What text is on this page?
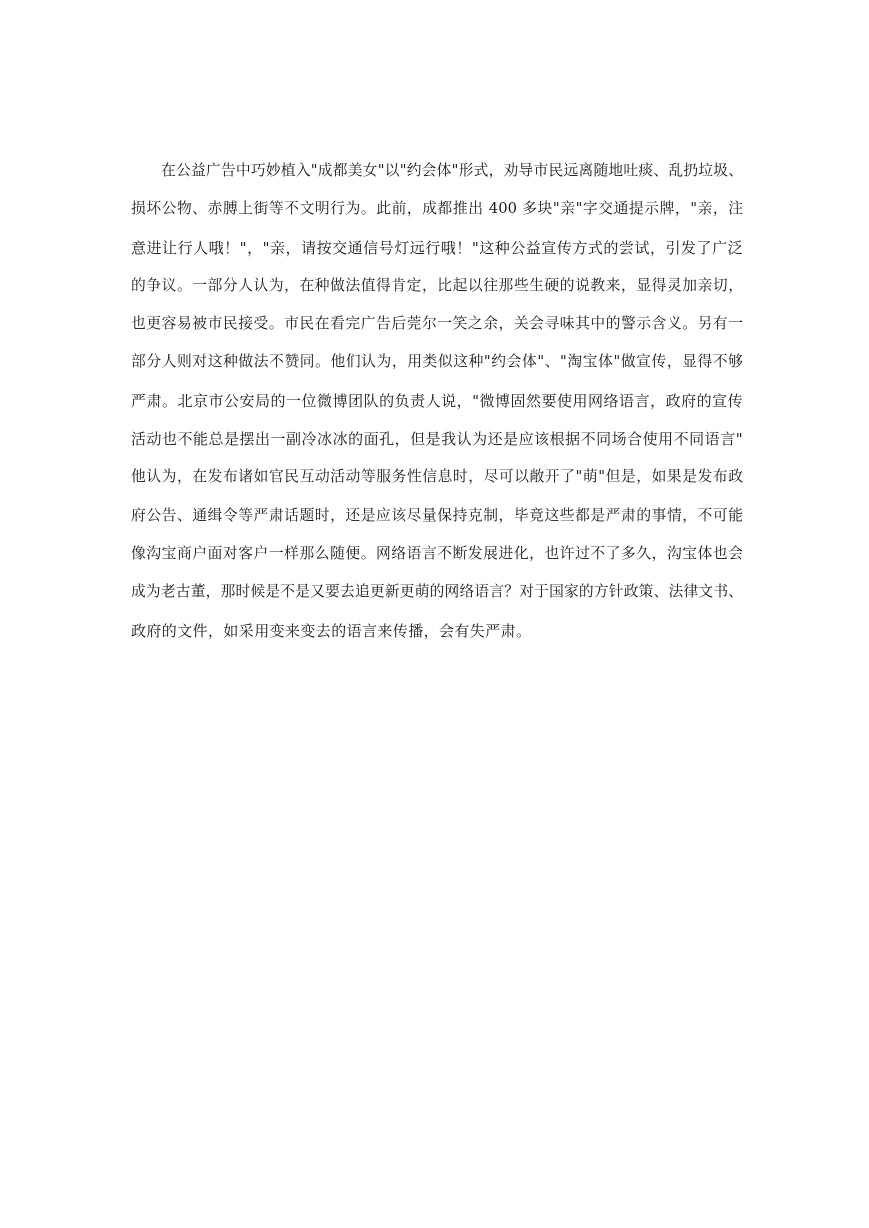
在公益广告中巧妙植入"成都美女"以"约会体"形式，劝导市民远离随地吐痰、乱扔垃圾、
损坏公物、赤膊上街等不文明行为。此前，成都推出 400 多块"亲"字交通提示牌，"亲，注
意进让行人哦！"，"亲，请按交通信号灯远行哦！"这种公益宣传方式的尝试，引发了广泛
的争议。一部分人认为，在种做法值得肯定，比起以往那些生硬的说教来，显得灵加亲切，
也更容易被市民接受。市民在看完广告后莞尔一笑之余，关会寻味其中的警示含义。另有一
部分人则对这种做法不赞同。他们认为，用类似这种"约会体"、"淘宝体"做宣传，显得不够
严肃。北京市公安局的一位微博团队的负责人说，"微博固然要使用网络语言，政府的宣传
活动也不能总是摆出一副冷冰冰的面孔，但是我认为还是应该根据不同场合使用不同语言"
他认为，在发布诸如官民互动活动等服务性信息时，尽可以敞开了"萌"但是，如果是发布政
府公告、通缉令等严肃话题时，还是应该尽量保持克制，毕竟这些都是严肃的事情，不可能
像沟宝商户面对客户一样那么随便。网络语言不断发展进化，也许过不了多久，沟宝体也会
成为老古董，那时候是不是又要去追更新更萌的网络语言？对于国家的方针政策、法律文书、
政府的文件，如采用变来变去的语言来传播，会有失严肃。
